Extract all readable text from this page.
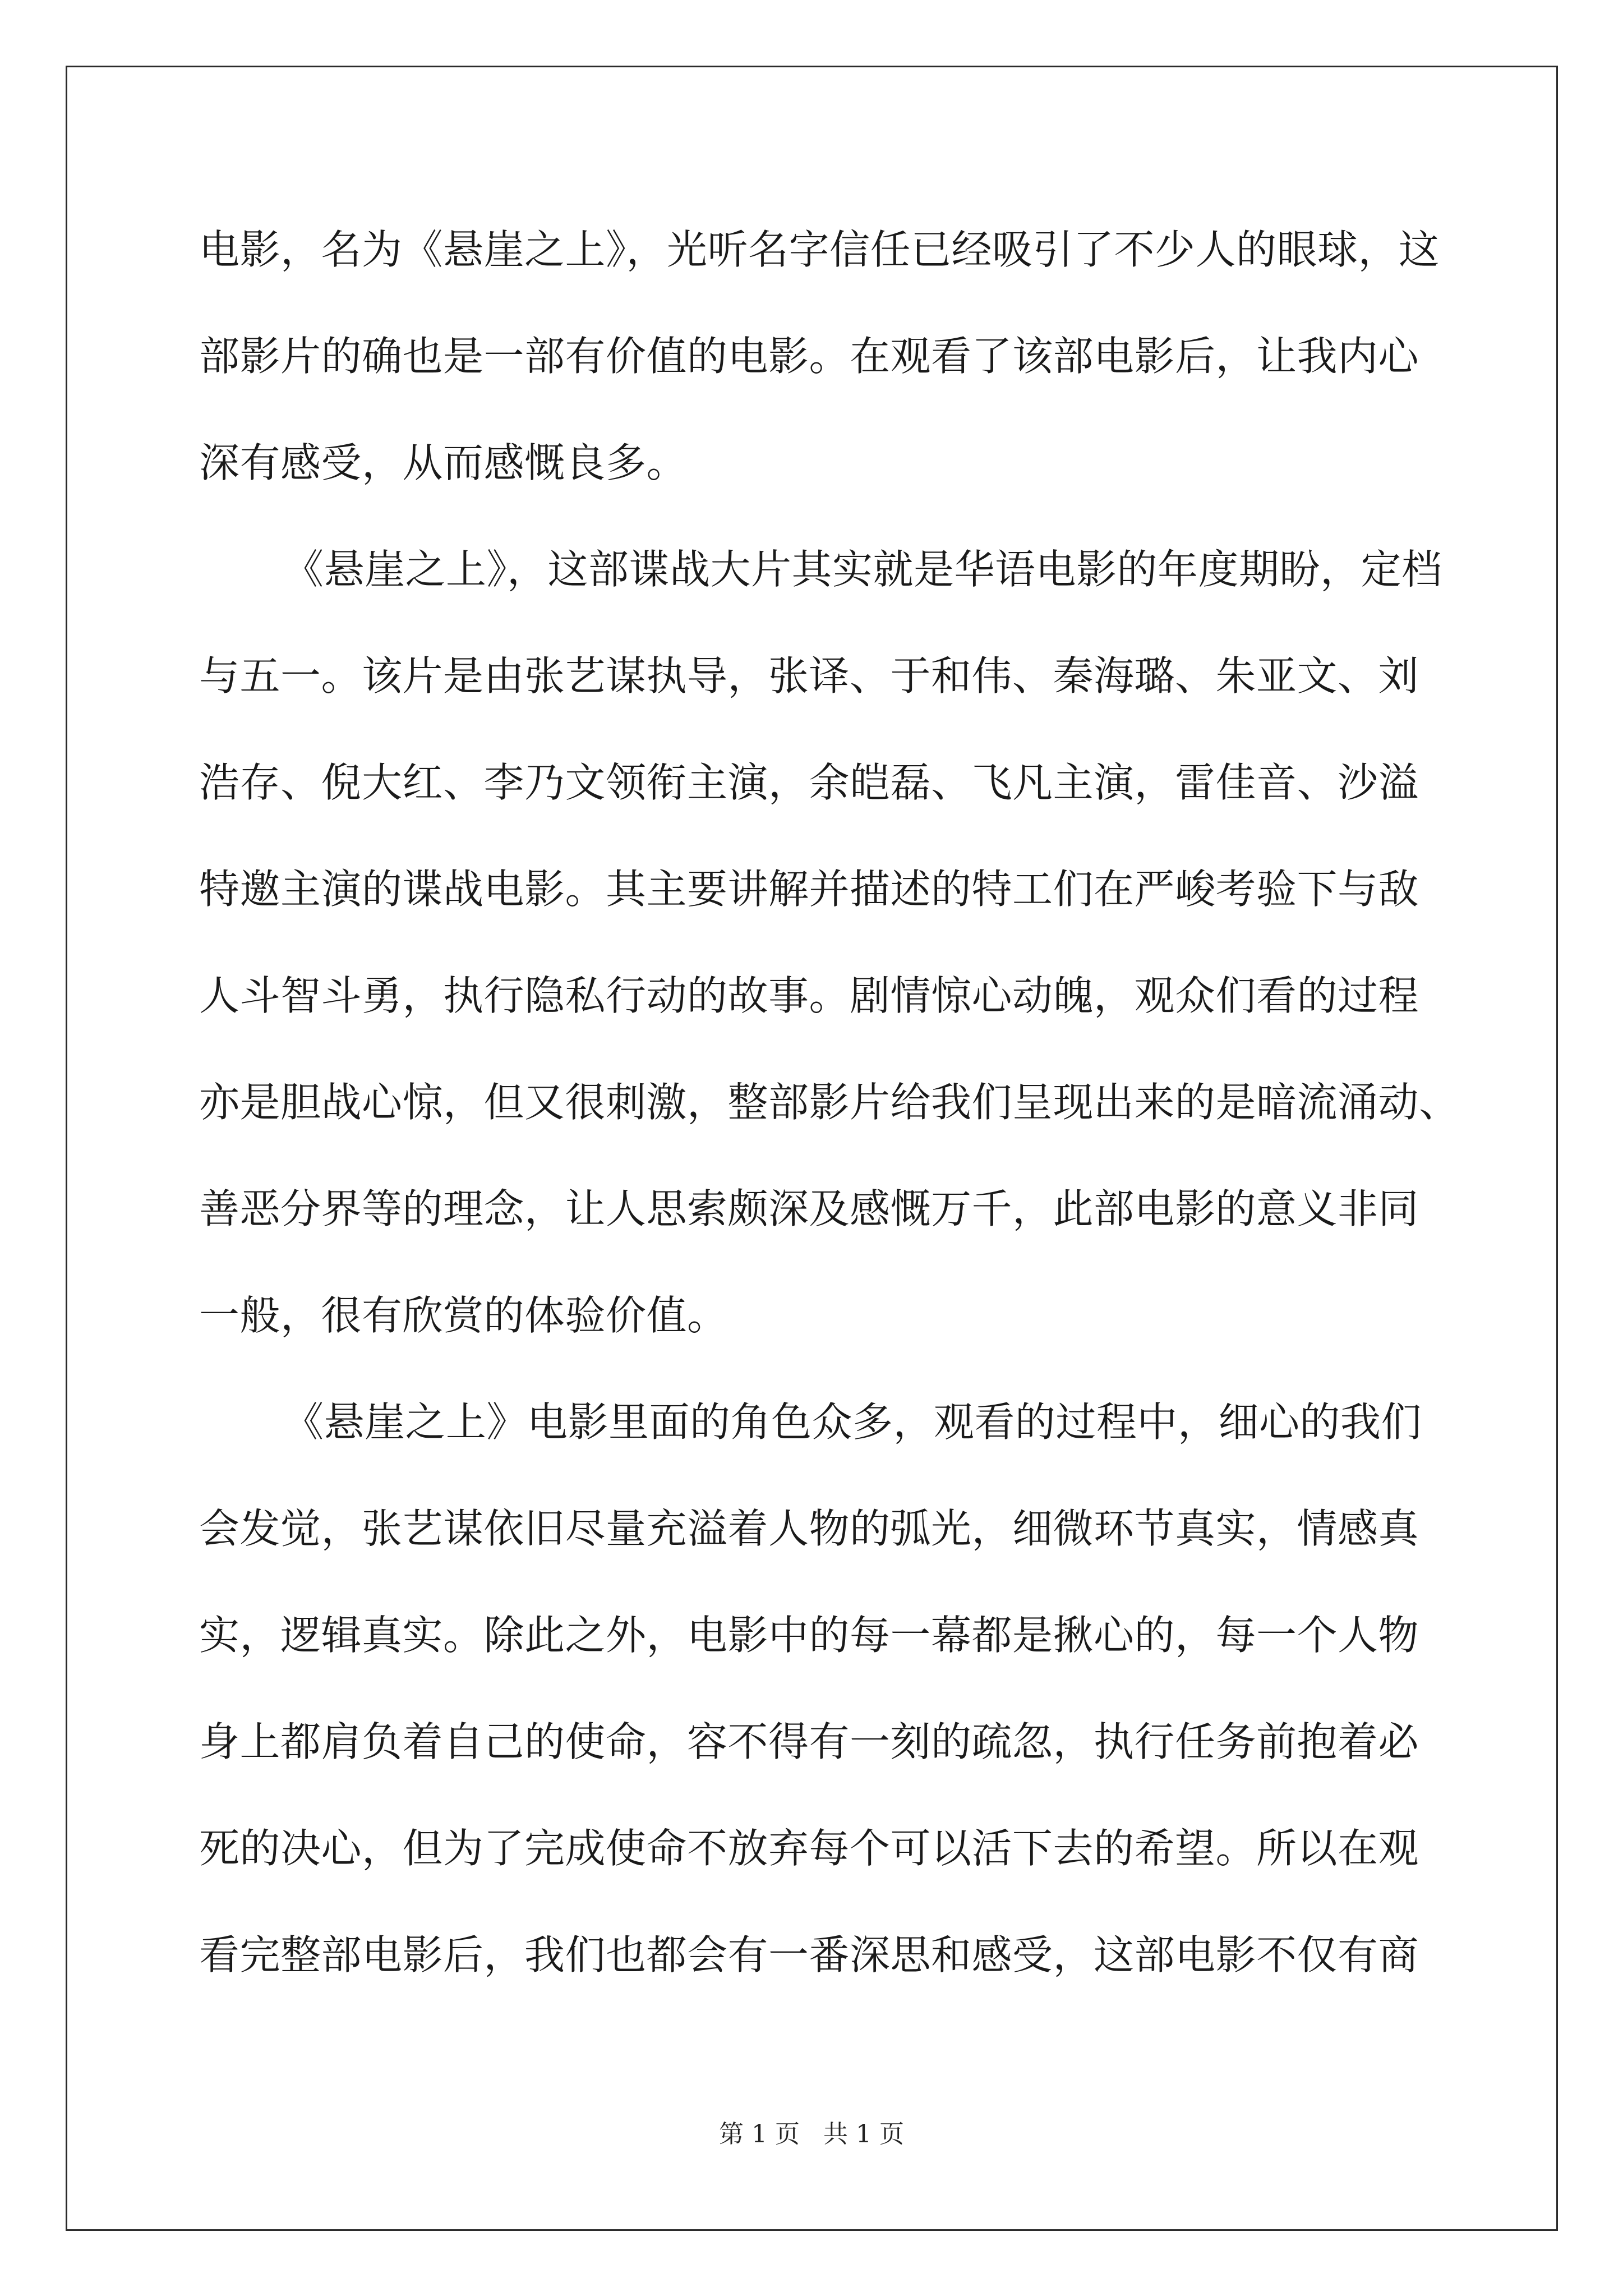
电影，名为《悬崖之上》，光听名字信任已经吸引了不少人的眼球，这
部影片的确也是一部有价值的电影。在观看了该部电影后，让我内心
深有感受，从而感慨良多。
《悬崖之上》，这部谍战大片其实就是华语电影的年度期盼，定档
与五一。该片是由张艺谋执导，张译、于和伟、秦海璐、朱亚文、刘
浩存、倪大红、李乃文领衔主演，余皑磊、飞凡主演，雷佳音、沙溢
特邀主演的谍战电影。其主要讲解并描述的特工们在严峻考验下与敌
人斗智斗勇，执行隐私行动的故事。剧情惊心动魄，观众们看的过程
亦是胆战心惊，但又很刺激，整部影片给我们呈现出来的是暗流涌动、
善恶分界等的理念，让人思索颇深及感慨万千，此部电影的意义非同
一般，很有欣赏的体验价值。
《悬崖之上》电影里面的角色众多，观看的过程中，细心的我们
会发觉，张艺谋依旧尽量充溢着人物的弧光，细微环节真实，情感真
实，逻辑真实。除此之外，电影中的每一幕都是揪心的，每一个人物
身上都肩负着自己的使命，容不得有一刻的疏忽，执行任务前抱着必
死的决心，但为了完成使命不放弃每个可以活下去的希望。所以在观
看完整部电影后，我们也都会有一番深思和感受，这部电影不仅有商
第 1 页   共 1 页
